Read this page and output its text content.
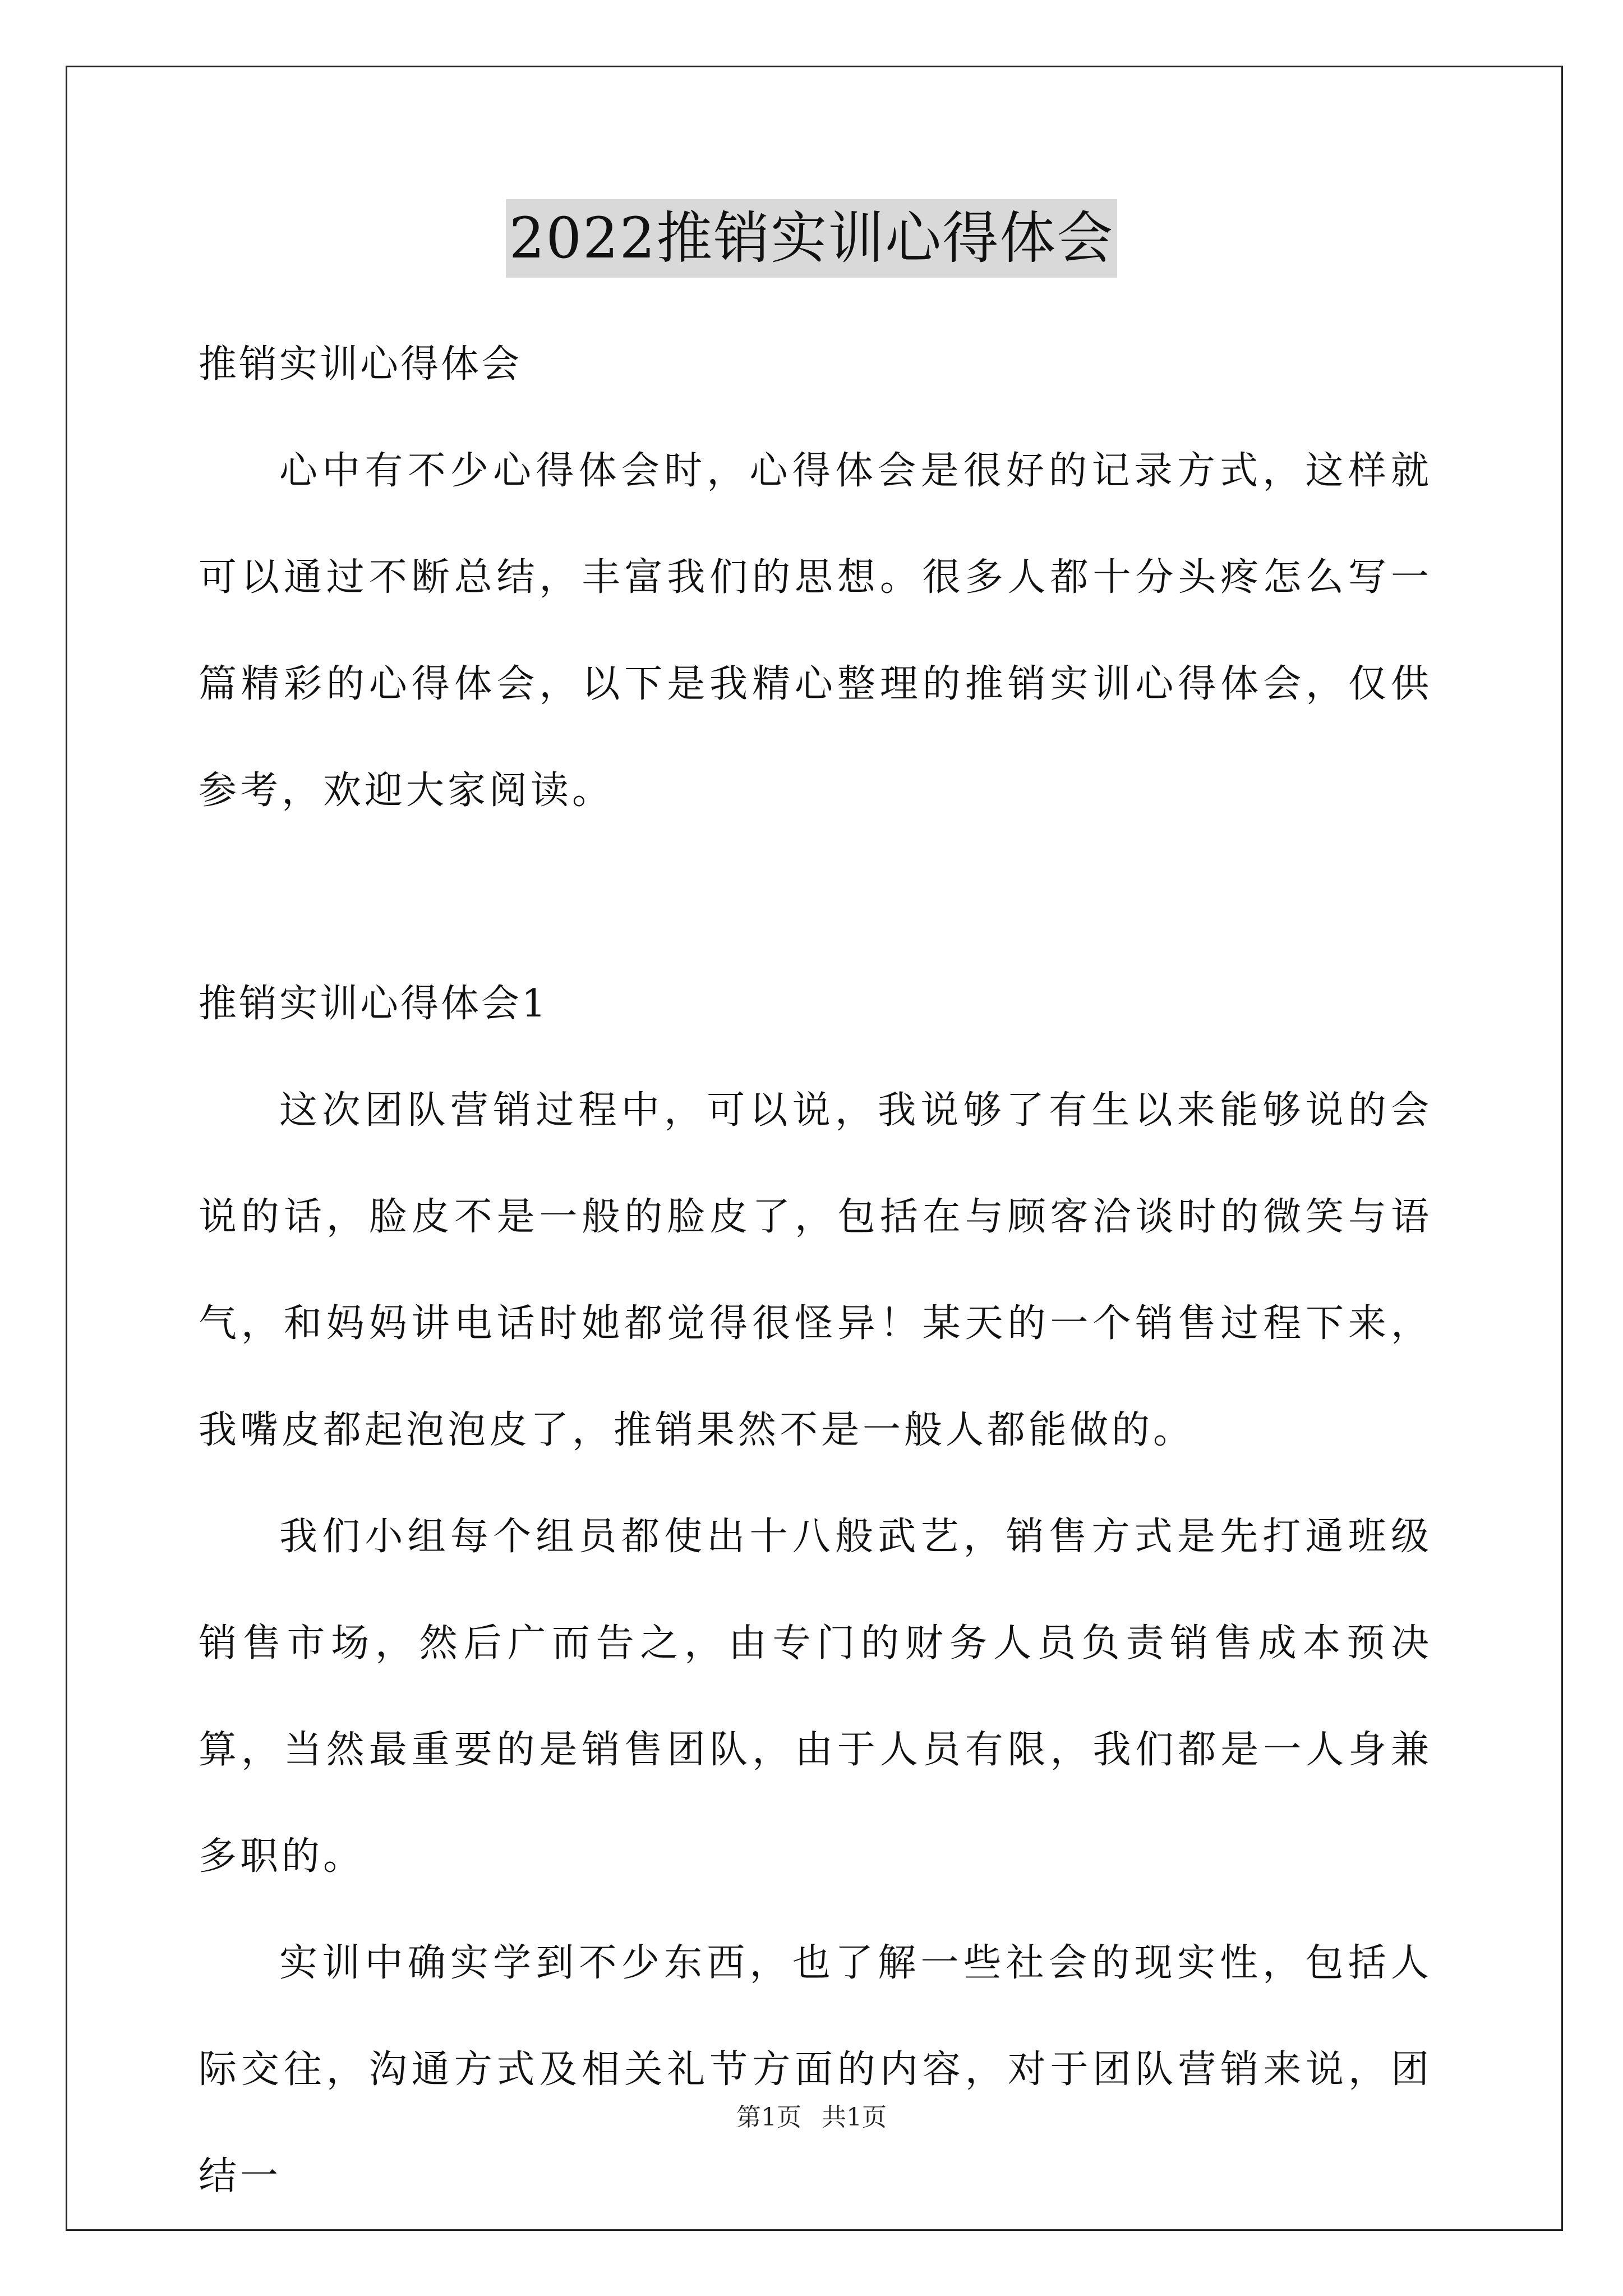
2022推销实训心得体会

推销实训心得体会

心中有不少心得体会时，心得体会是很好的记录方式，这样就可以通过不断总结，丰富我们的思想。很多人都十分头疼怎么写一篇精彩的心得体会，以下是我精心整理的推销实训心得体会，仅供参考，欢迎大家阅读。

推销实训心得体会1

这次团队营销过程中，可以说，我说够了有生以来能够说的会说的话，脸皮不是一般的脸皮了，包括在与顾客洽谈时的微笑与语气，和妈妈讲电话时她都觉得很怪异！某天的一个销售过程下来，我嘴皮都起泡泡皮了，推销果然不是一般人都能做的。

我们小组每个组员都使出十八般武艺，销售方式是先打通班级销售市场，然后广而告之，由专门的财务人员负责销售成本预决算，当然最重要的是销售团队，由于人员有限，我们都是一人身兼多职的。

实训中确实学到不少东西，也了解一些社会的现实性，包括人际交往，沟通方式及相关礼节方面的内容，对于团队营销来说，团结一

第1页 共1页
